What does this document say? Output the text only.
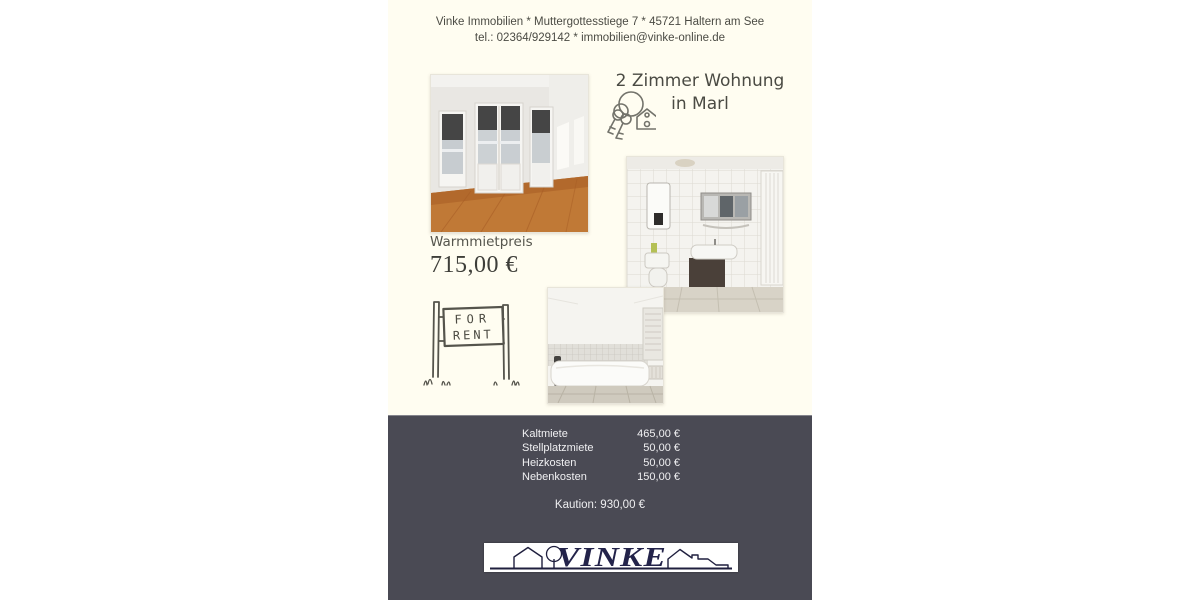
Vinke Immobilien * Muttergottesstiege 7 * 45721 Haltern am See
tel.: 02364/929142 * immobilien@vinke-online.de
2 Zimmer Wohnung
in Marl
Warmmietpreis
715,00 €
FOR
RENT
Kaltmiete	465,00 €
Stellplatzmiete	50,00 €
Heizkosten	50,00 €
Nebenkosten	150,00 €
Kaution: 930,00 €
VINKE
